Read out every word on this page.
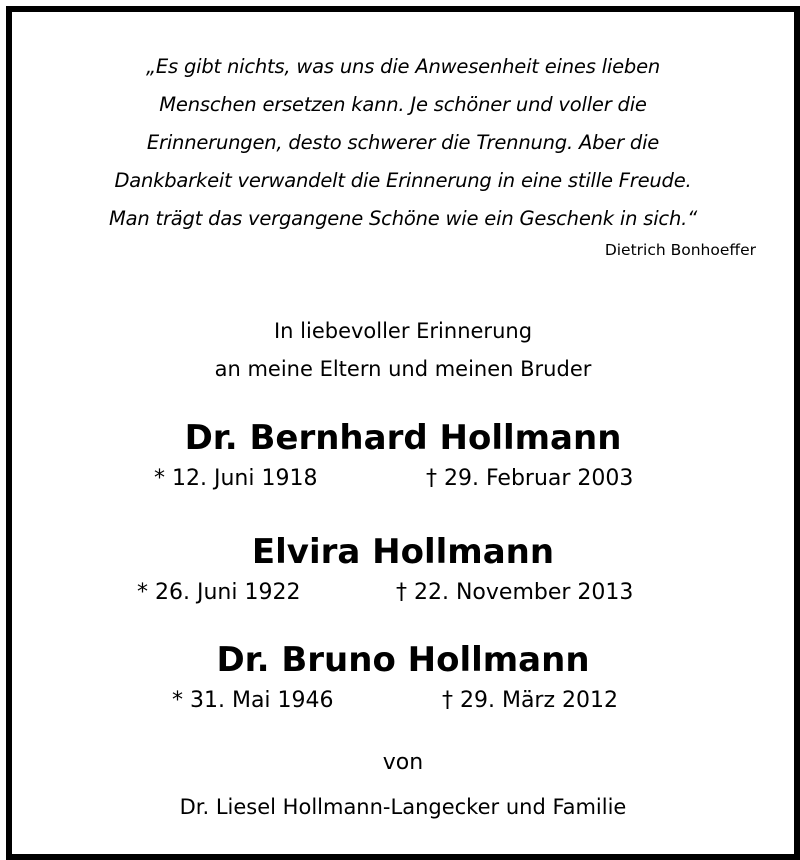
„Es gibt nichts, was uns die Anwesenheit eines lieben
Menschen ersetzen kann. Je schöner und voller die
Erinnerungen, desto schwerer die Trennung. Aber die
Dankbarkeit verwandelt die Erinnerung in eine stille Freude.
Man trägt das vergangene Schöne wie ein Geschenk in sich.“
Dietrich Bonhoeffer
In liebevoller Erinnerung
an meine Eltern und meinen Bruder
Dr. Bernhard Hollmann
* 12. Juni 1918	† 29. Februar 2003
Elvira Hollmann
* 26. Juni 1922	† 22. November 2013
Dr. Bruno Hollmann
* 31. Mai 1946	† 29. März 2012
von
Dr. Liesel Hollmann-Langecker und Familie
